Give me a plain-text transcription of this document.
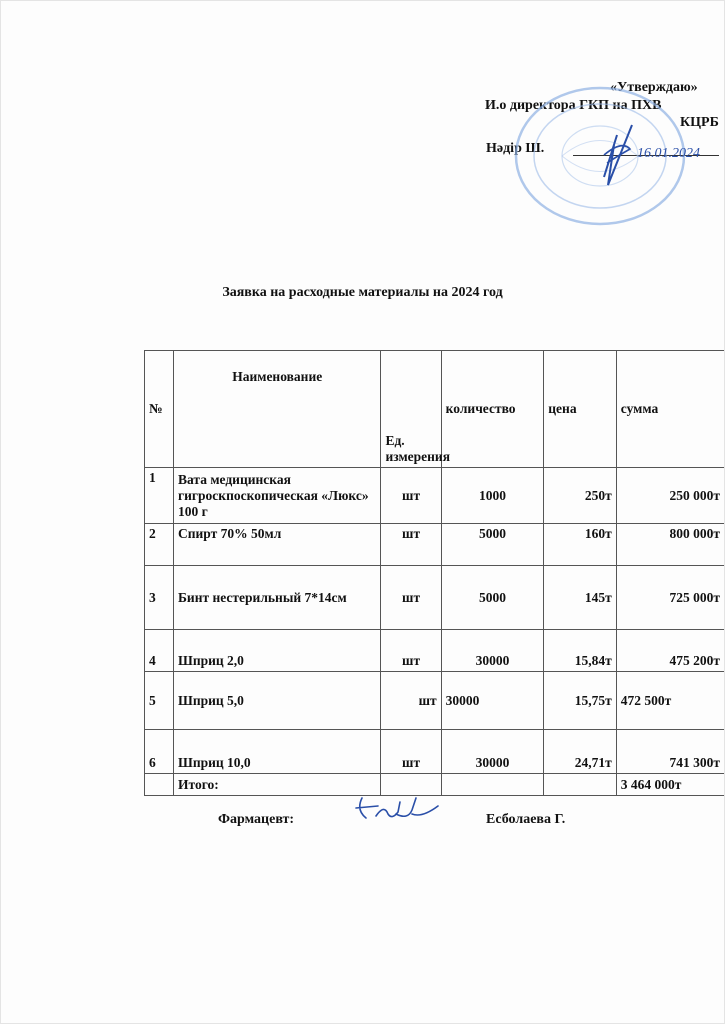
«Утверждаю»
И.о директора ГКП на ПХВ
КЦРБ
Нәдір Ш.	16.01.2024
Заявка на расходные материалы на 2024 год
№	Наименование	Ед. измерения	количество	цена	сумма
1	Вата медицинская гигроскпоскопическая «Люкс» 100 г	шт	1000	250т	250 000т
2	Спирт 70% 50мл	шт	5000	160т	800 000т
3	Бинт нестерильный 7*14см	шт	5000	145т	725 000т
4	Шприц 2,0	шт	30000	15,84т	475 200т
5	Шприц 5,0	шт	30000	15,75т	472 500т
6	Шприц 10,0	шт	30000	24,71т	741 300т
	Итого:				3 464 000т
Фармацевт:	Есболаева Г.
